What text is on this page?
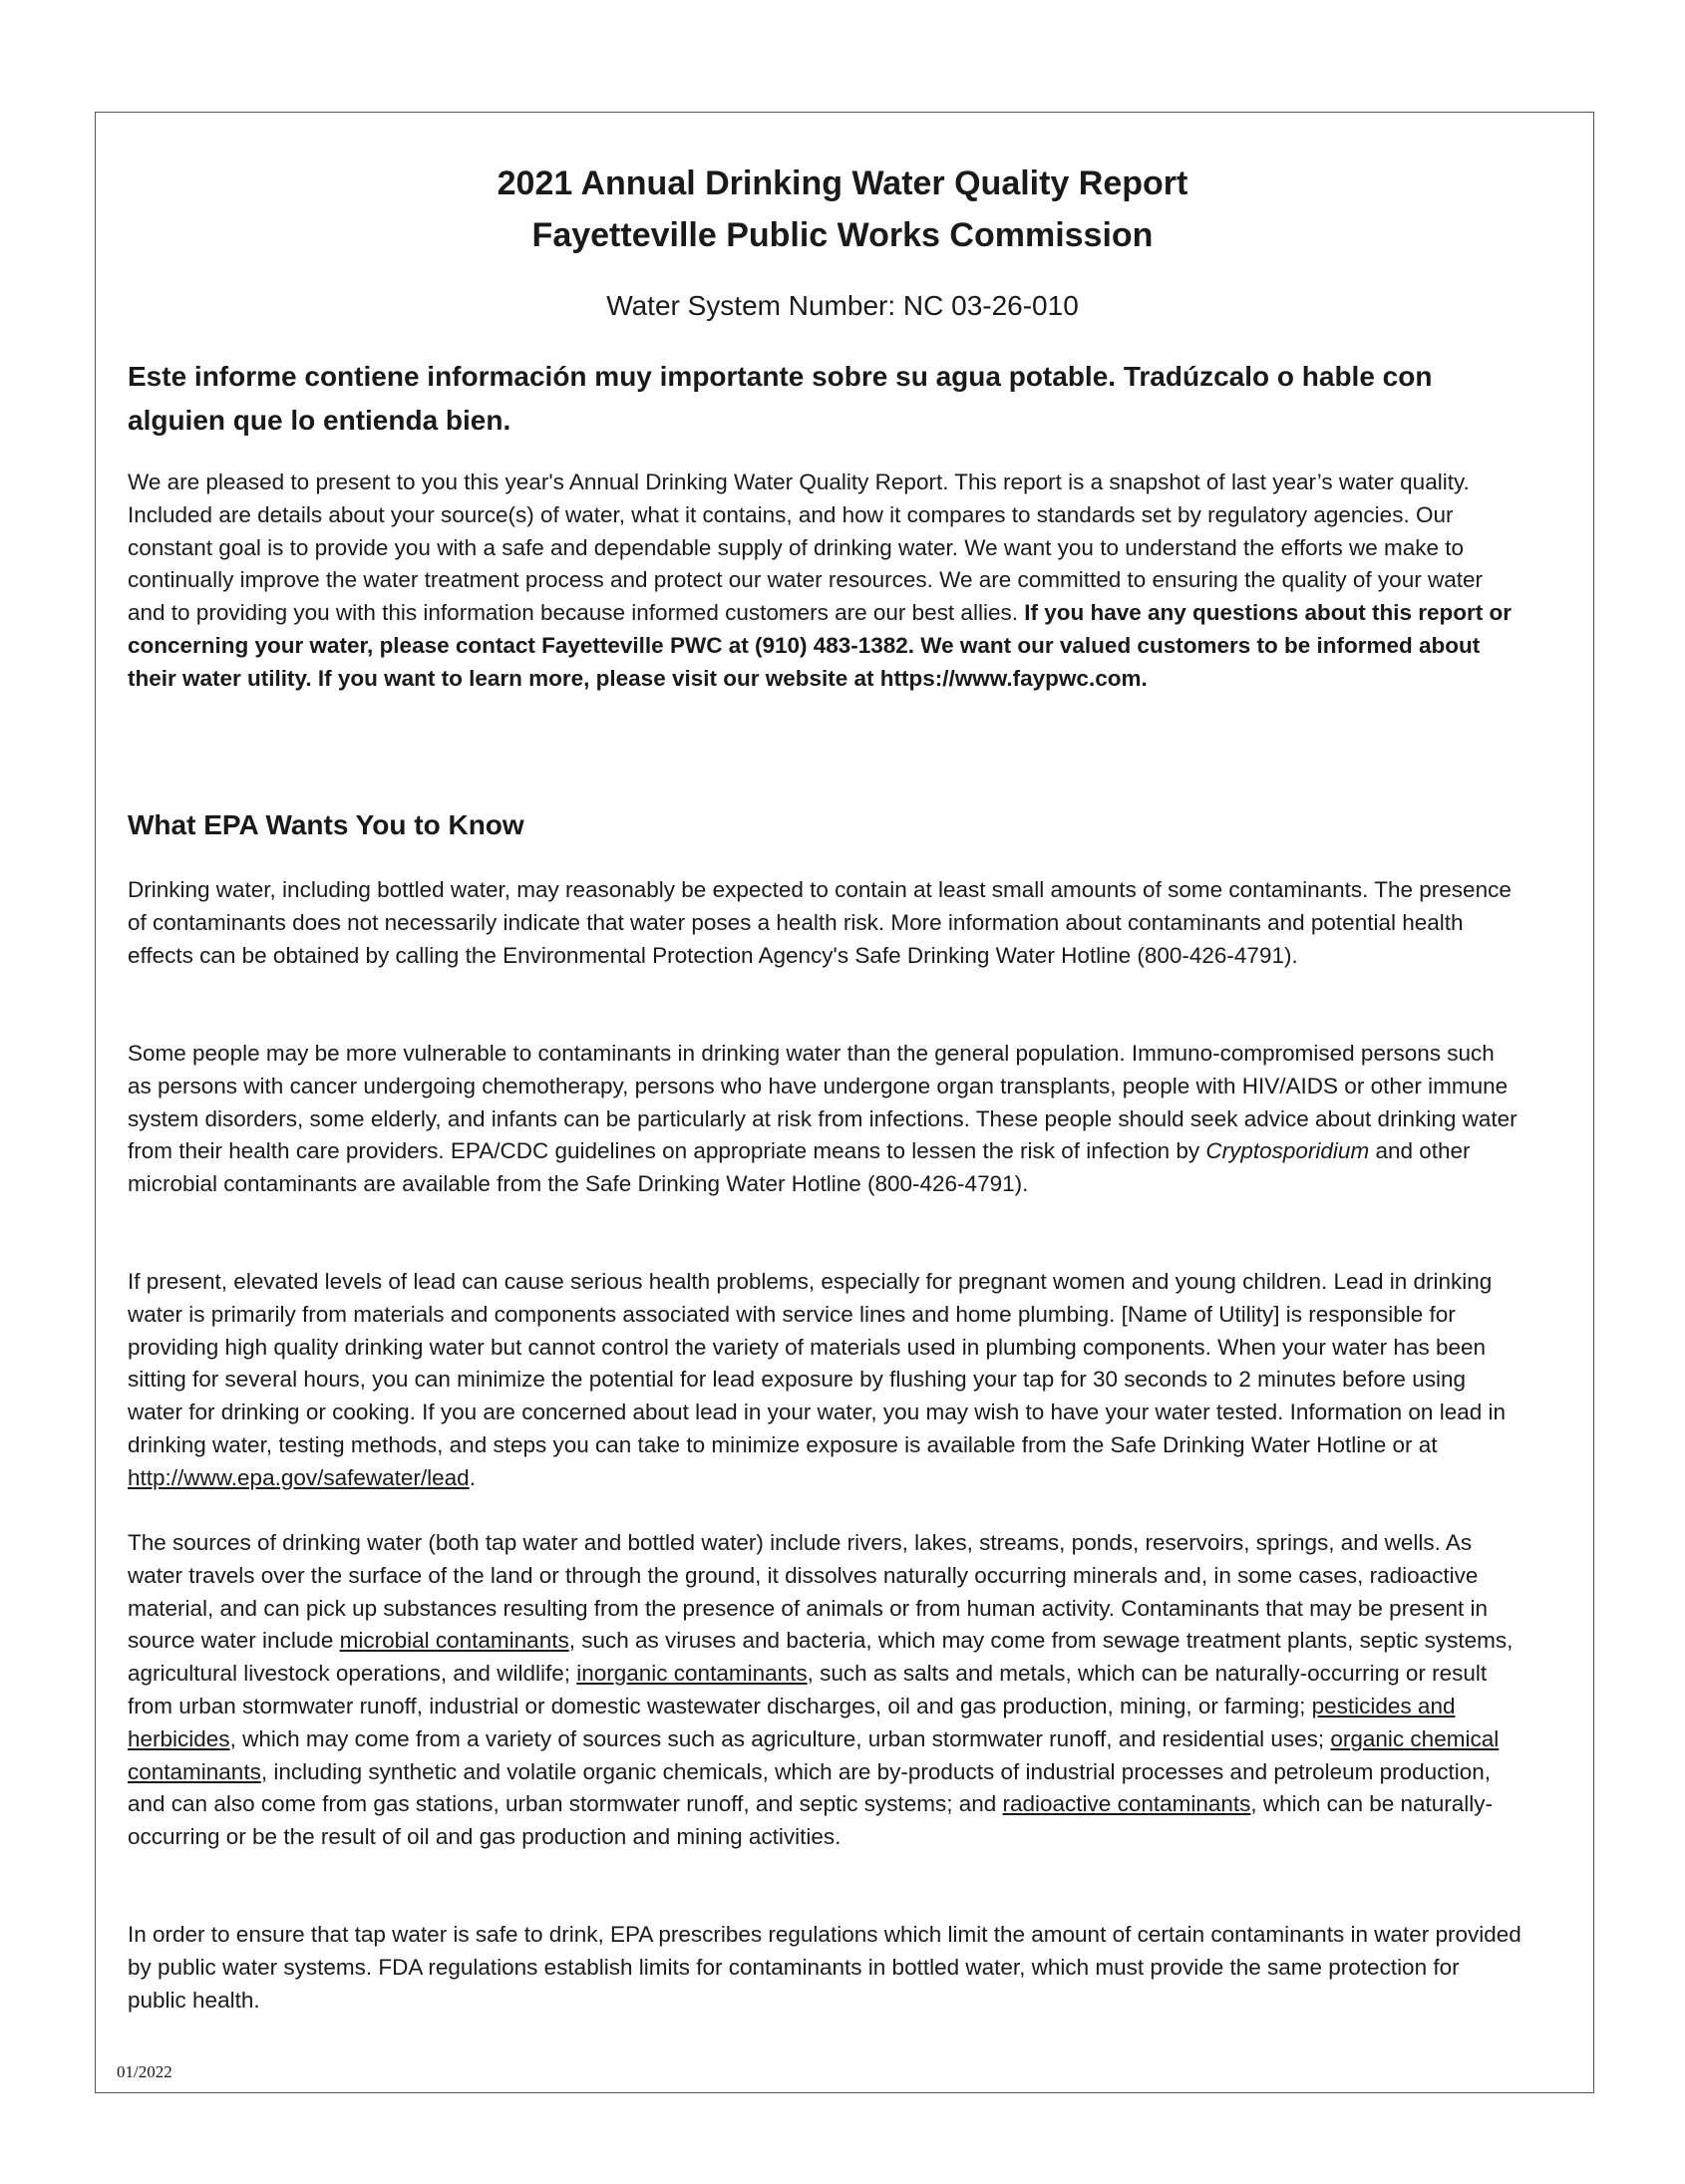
2021 Annual Drinking Water Quality Report
Fayetteville Public Works Commission

Water System Number: NC 03-26-010

Este informe contiene información muy importante sobre su agua potable. Tradúzcalo o hable con alguien que lo entienda bien.

We are pleased to present to you this year's Annual Drinking Water Quality Report. This report is a snapshot of last year’s water quality. Included are details about your source(s) of water, what it contains, and how it compares to standards set by regulatory agencies. Our constant goal is to provide you with a safe and dependable supply of drinking water. We want you to understand the efforts we make to continually improve the water treatment process and protect our water resources. We are committed to ensuring the quality of your water and to providing you with this information because informed customers are our best allies. If you have any questions about this report or concerning your water, please contact Fayetteville PWC at (910) 483-1382. We want our valued customers to be informed about their water utility. If you want to learn more, please visit our website at https://www.faypwc.com.

What EPA Wants You to Know

Drinking water, including bottled water, may reasonably be expected to contain at least small amounts of some contaminants. The presence of contaminants does not necessarily indicate that water poses a health risk. More information about contaminants and potential health effects can be obtained by calling the Environmental Protection Agency's Safe Drinking Water Hotline (800-426-4791).

Some people may be more vulnerable to contaminants in drinking water than the general population. Immuno-compromised persons such as persons with cancer undergoing chemotherapy, persons who have undergone organ transplants, people with HIV/AIDS or other immune system disorders, some elderly, and infants can be particularly at risk from infections. These people should seek advice about drinking water from their health care providers. EPA/CDC guidelines on appropriate means to lessen the risk of infection by Cryptosporidium and other microbial contaminants are available from the Safe Drinking Water Hotline (800-426-4791).

If present, elevated levels of lead can cause serious health problems, especially for pregnant women and young children. Lead in drinking water is primarily from materials and components associated with service lines and home plumbing. [Name of Utility] is responsible for providing high quality drinking water but cannot control the variety of materials used in plumbing components. When your water has been sitting for several hours, you can minimize the potential for lead exposure by flushing your tap for 30 seconds to 2 minutes before using water for drinking or cooking. If you are concerned about lead in your water, you may wish to have your water tested. Information on lead in drinking water, testing methods, and steps you can take to minimize exposure is available from the Safe Drinking Water Hotline or at http://www.epa.gov/safewater/lead.

The sources of drinking water (both tap water and bottled water) include rivers, lakes, streams, ponds, reservoirs, springs, and wells. As water travels over the surface of the land or through the ground, it dissolves naturally occurring minerals and, in some cases, radioactive material, and can pick up substances resulting from the presence of animals or from human activity. Contaminants that may be present in source water include microbial contaminants, such as viruses and bacteria, which may come from sewage treatment plants, septic systems, agricultural livestock operations, and wildlife; inorganic contaminants, such as salts and metals, which can be naturally-occurring or result from urban stormwater runoff, industrial or domestic wastewater discharges, oil and gas production, mining, or farming; pesticides and herbicides, which may come from a variety of sources such as agriculture, urban stormwater runoff, and residential uses; organic chemical contaminants, including synthetic and volatile organic chemicals, which are by-products of industrial processes and petroleum production, and can also come from gas stations, urban stormwater runoff, and septic systems; and radioactive contaminants, which can be naturally-occurring or be the result of oil and gas production and mining activities.

In order to ensure that tap water is safe to drink, EPA prescribes regulations which limit the amount of certain contaminants in water provided by public water systems. FDA regulations establish limits for contaminants in bottled water, which must provide the same protection for public health.

01/2022
